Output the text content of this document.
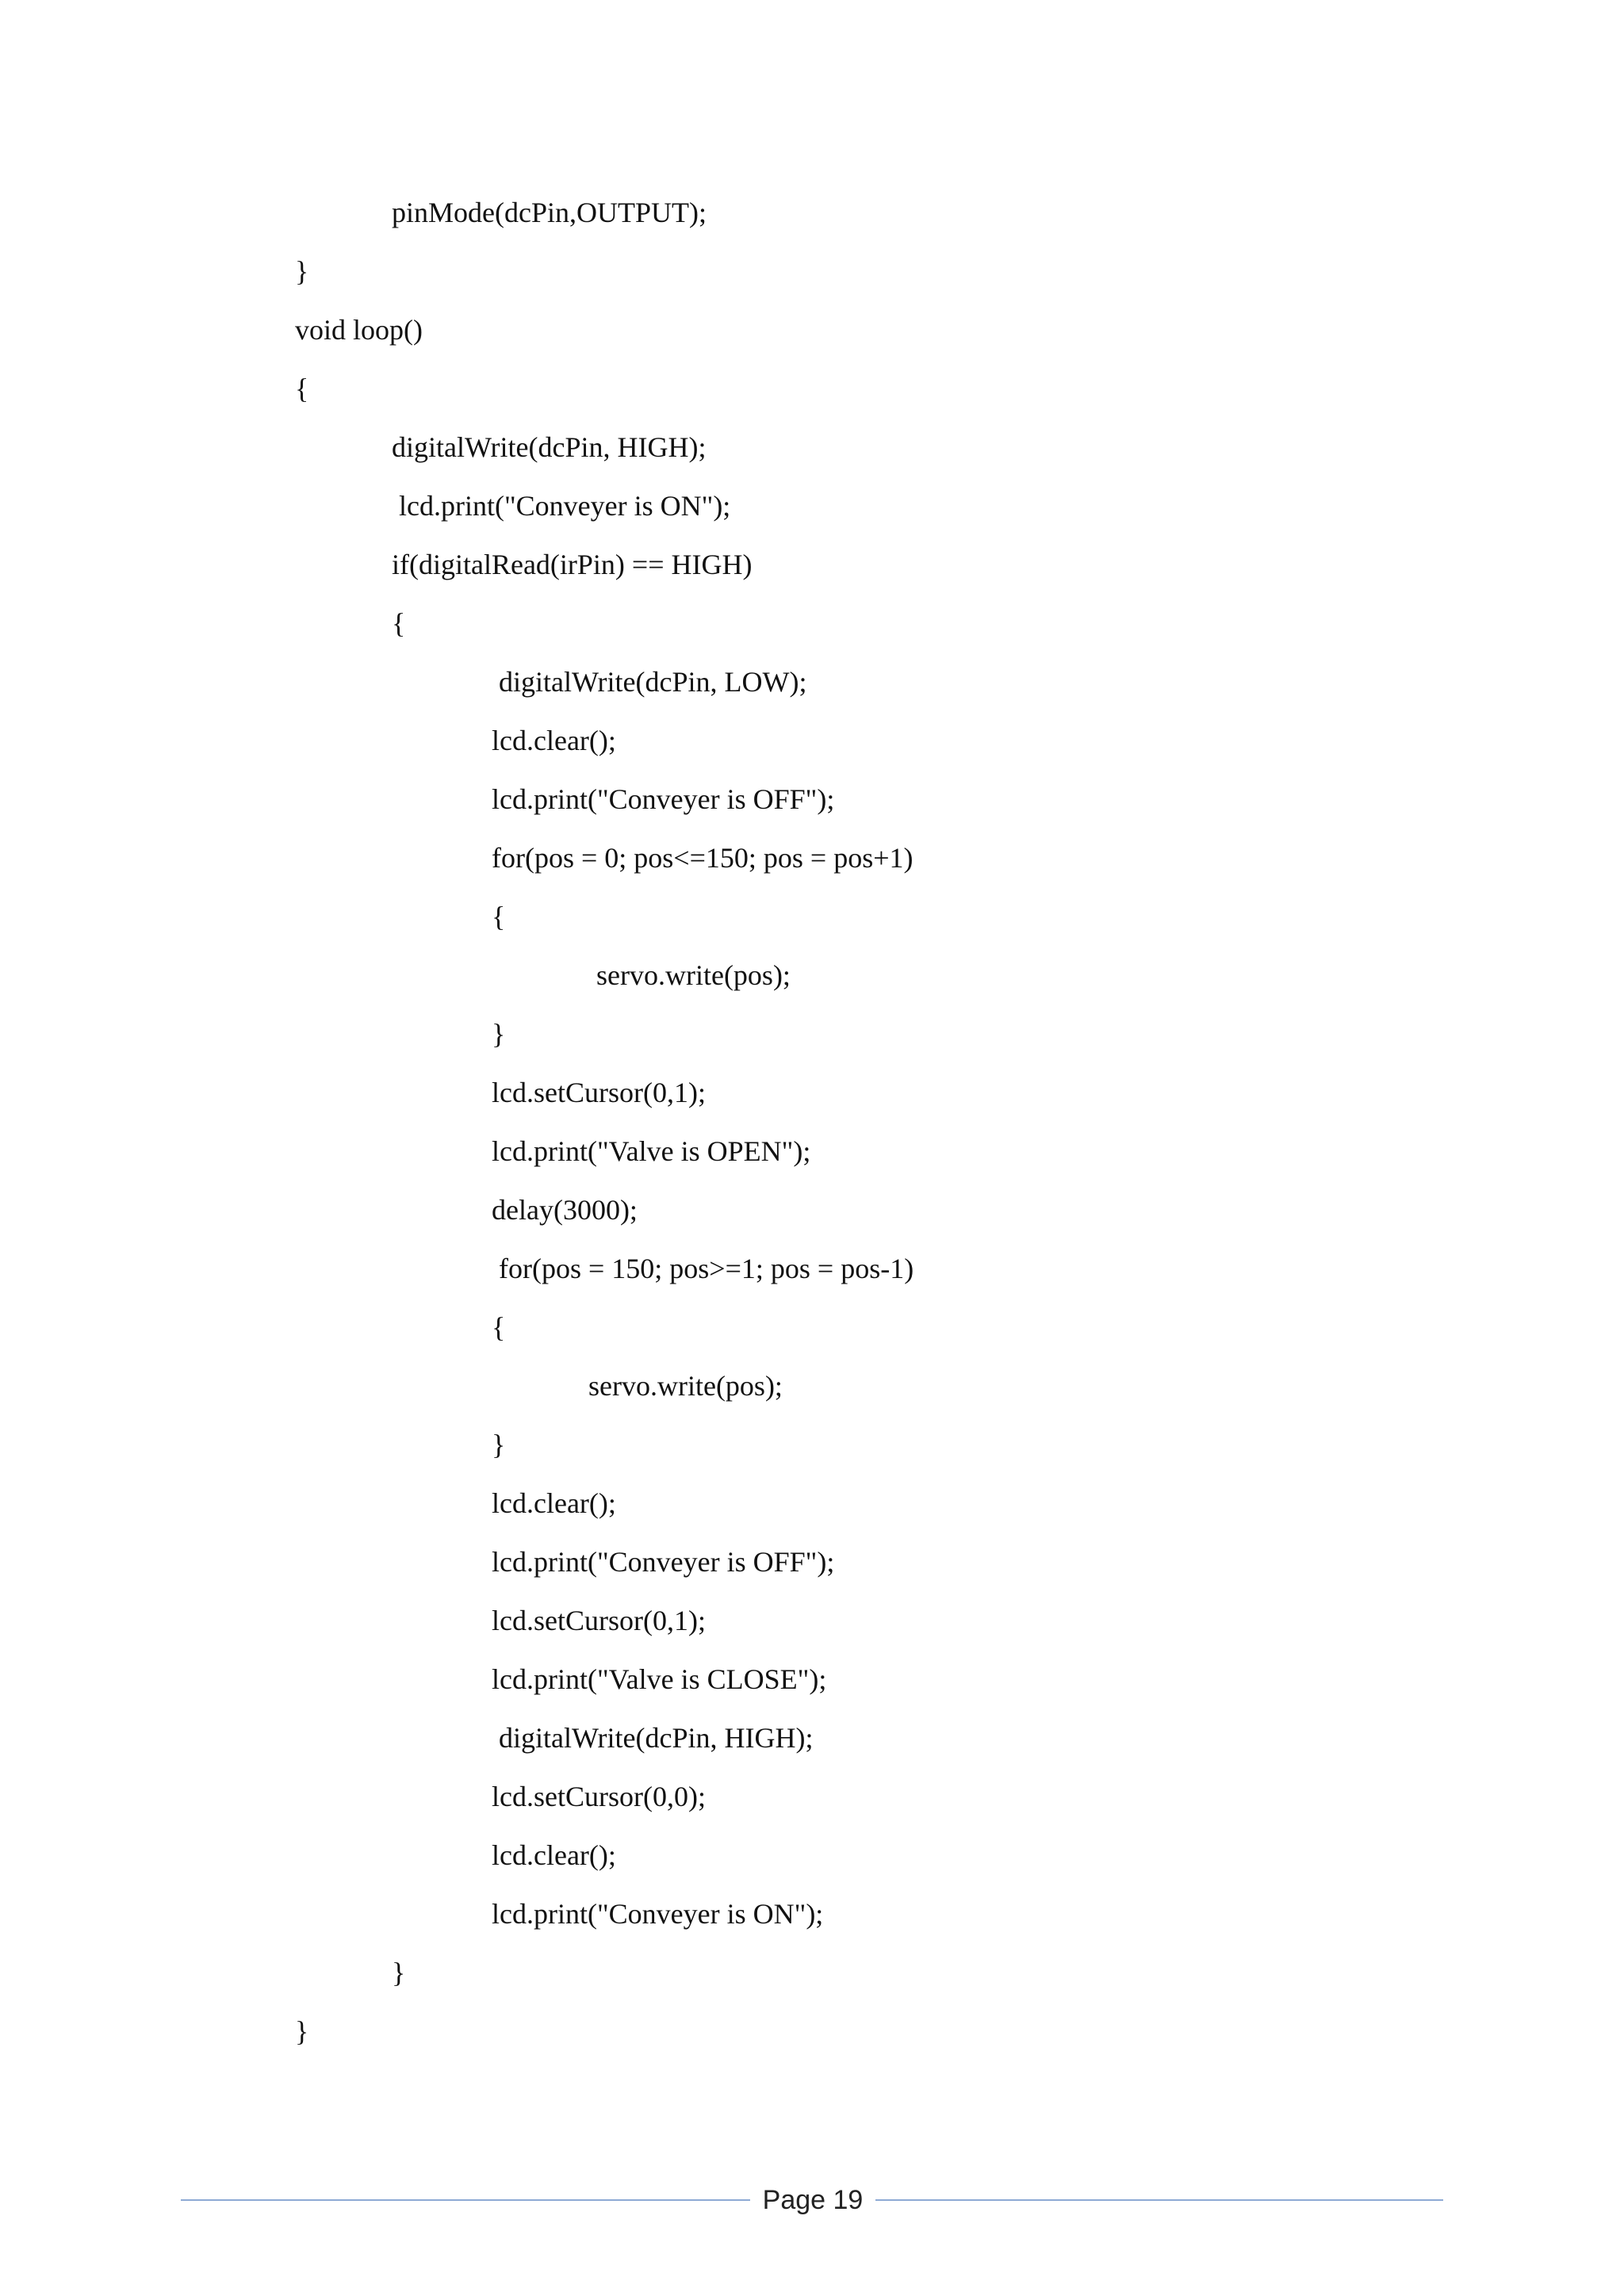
pinMode(dcPin,OUTPUT);

}

void loop()

{

digitalWrite(dcPin, HIGH);

lcd.print("Conveyer is ON");

if(digitalRead(irPin) == HIGH)

{

digitalWrite(dcPin, LOW);

lcd.clear();

lcd.print("Conveyer is OFF");

for(pos = 0; pos<=150; pos = pos+1)

{

servo.write(pos);

}

lcd.setCursor(0,1);

lcd.print("Valve is OPEN");

delay(3000);

for(pos = 150; pos>=1; pos = pos-1)

{

servo.write(pos);

}

lcd.clear();

lcd.print("Conveyer is OFF");

lcd.setCursor(0,1);

lcd.print("Valve is CLOSE");

digitalWrite(dcPin, HIGH);

lcd.setCursor(0,0);

lcd.clear();

lcd.print("Conveyer is ON");

}

}

Page 19
